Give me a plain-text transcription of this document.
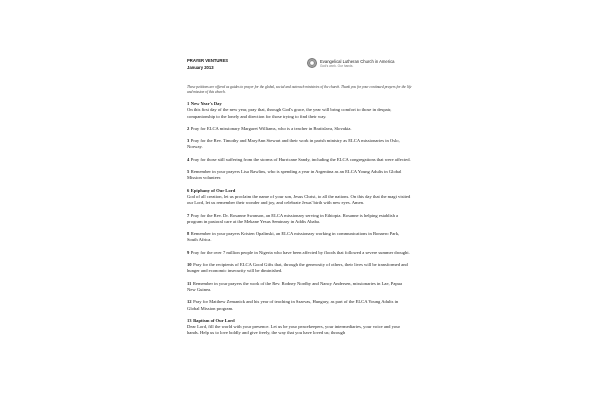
PRAYER VENTURES
January 2013
Evangelical Lutheran Church in America
God's work. Our hands.
These petitions are offered as guides to prayer for the global, social and outreach ministries of the church. Thank you for your continued prayers for the life and mission of this church.
1 New Year's Day
On this first day of the new year, pray that, through God's grace, the year will bring comfort to those in despair, companionship to the lonely and direction for those trying to find their way.
2 Pray for ELCA missionary Margaret Williams, who is a teacher in Bratislava, Slovakia.
3 Pray for the Rev. Timothy and MaryAnn Stewart and their work in parish ministry as ELCA missionaries in Oslo, Norway.
4 Pray for those still suffering from the storms of Hurricane Sandy, including the ELCA congregations that were affected.
5 Remember in your prayers Lisa Rawlins, who is spending a year in Argentina as an ELCA Young Adults in Global Mission volunteer.
6 Epiphany of Our Lord
God of all creation, let us proclaim the name of your son, Jesus Christ, to all the nations. On this day that the magi visited our Lord, let us remember their wonder and joy, and celebrate Jesus' birth with new eyes. Amen.
7 Pray for the Rev. Dr. Rosanne Swanson, an ELCA missionary serving in Ethiopia. Rosanne is helping establish a program in pastoral care at the Mekane Yesus Seminary in Addis Ababa.
8 Remember in your prayers Kristen Opalinski, an ELCA missionary working in communications in Bonaero Park, South Africa.
9 Pray for the over 7 million people in Nigeria who have been affected by floods that followed a severe summer drought.
10 Pray for the recipients of ELCA Good Gifts that, through the generosity of others, their lives will be transformed and hunger and economic insecurity will be diminished.
11 Remember in your prayers the work of the Rev. Rodney Nordby and Nancy Andersen, missionaries in Lae, Papua New Guinea.
12 Pray for Matthew Zemanick and his year of teaching in Szarvas, Hungary, as part of the ELCA Young Adults in Global Mission program.
13 Baptism of Our Lord
Dear Lord, fill the world with your presence. Let us be your peacekeepers, your intermediaries, your voice and your hands. Help us to love boldly and give freely, the way that you have loved us; through
